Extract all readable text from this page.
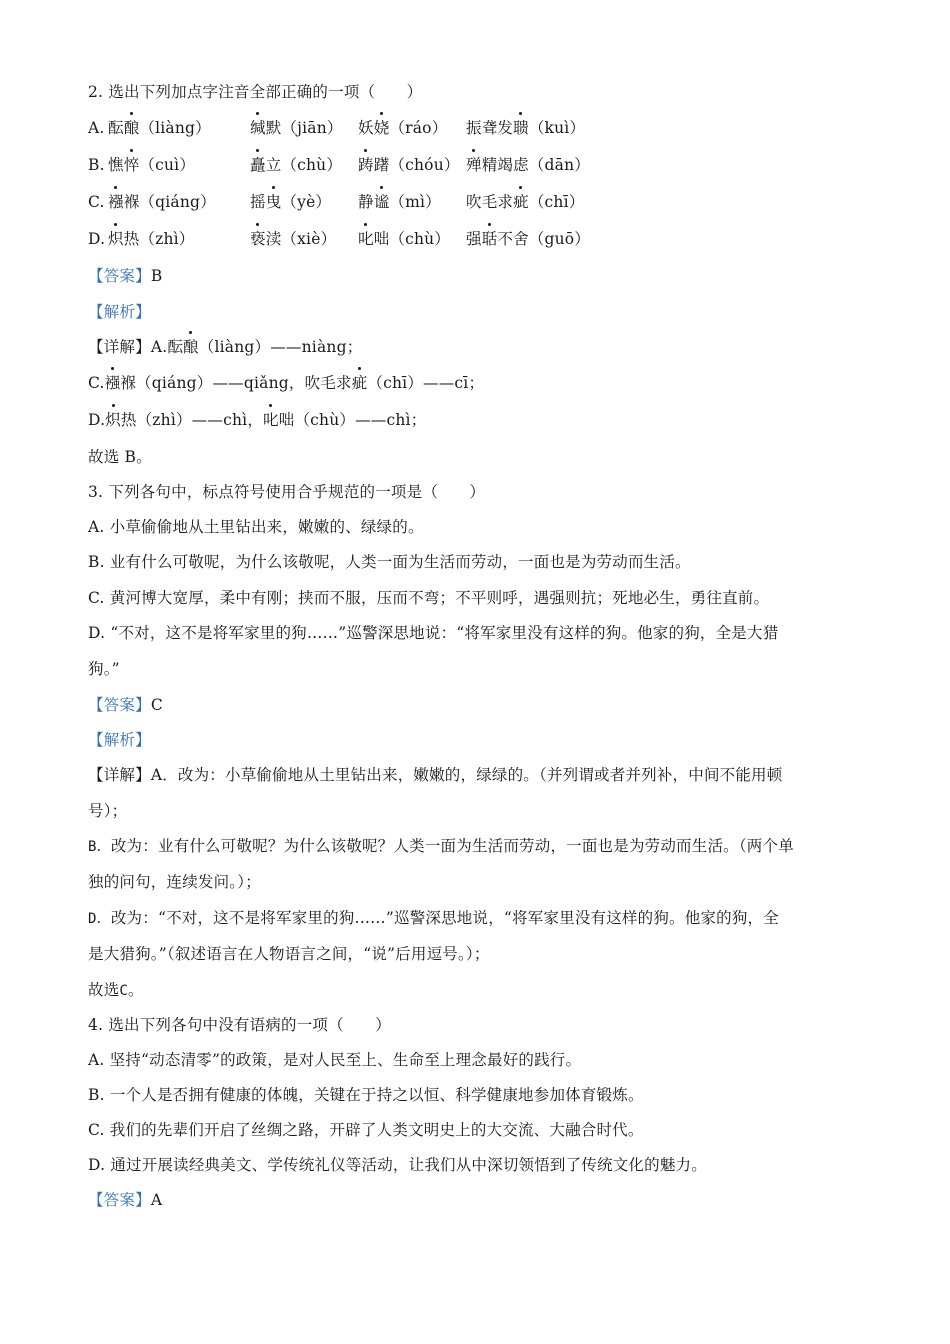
2. 选出下列加点字注音全部正确的一项（　　）
A. 酝酿（liàng）	缄默（jiān） 妖娆（ráo） 振聋发聩（kuì）
B. 憔悴（cuì）	矗立（chù） 踌躇（chóu） 殚精竭虑（dān）
C. 襁褓（qiáng） 摇曳（yè） 静谧（mì） 吹毛求疵（chī）
D. 炽热（zhì）	亵渎（xiè） 叱咄（chù） 强聒不舍（guō）
【答案】B
【解析】
【详解】A.酝酿（liàng）——niàng；
C.襁褓（qiáng）——qiǎng，吹毛求疵（chī）——cī；
D.炽热（zhì）——chì，叱咄（chù）——chì；
故选 B。
3. 下列各句中，标点符号使用合乎规范的一项是（　　）
A. 小草偷偷地从土里钻出来，嫩嫩的、绿绿的。
B. 业有什么可敬呢，为什么该敬呢，人类一面为生活而劳动，一面也是为劳动而生活。
C. 黄河博大宽厚，柔中有刚；挟而不服，压而不弯；不平则呼，遇强则抗；死地必生，勇往直前。
D. “不对，这不是将军家里的狗……”巡警深思地说：“将军家里没有这样的狗。他家的狗，全是大猎
狗。”
【答案】C
【解析】
【详解】A．改为：小草偷偷地从土里钻出来，嫩嫩的，绿绿的。（并列谓或者并列补，中间不能用顿
号）；
B．改为：业有什么可敬呢？为什么该敬呢？人类一面为生活而劳动，一面也是为劳动而生活。（两个单
独的问句，连续发问。）；
D．改为：“不对，这不是将军家里的狗……”巡警深思地说，“将军家里没有这样的狗。他家的狗，全
是大猎狗。”（叙述语言在人物语言之间，“说”后用逗号。）；
故选C。
4. 选出下列各句中没有语病的一项（　　）
A. 坚持“动态清零”的政策，是对人民至上、生命至上理念最好的践行。
B. 一个人是否拥有健康的体魄，关键在于持之以恒、科学健康地参加体育锻炼。
C. 我们的先辈们开启了丝绸之路，开辟了人类文明史上的大交流、大融合时代。
D. 通过开展读经典美文、学传统礼仪等活动，让我们从中深切领悟到了传统文化的魅力。
【答案】A
